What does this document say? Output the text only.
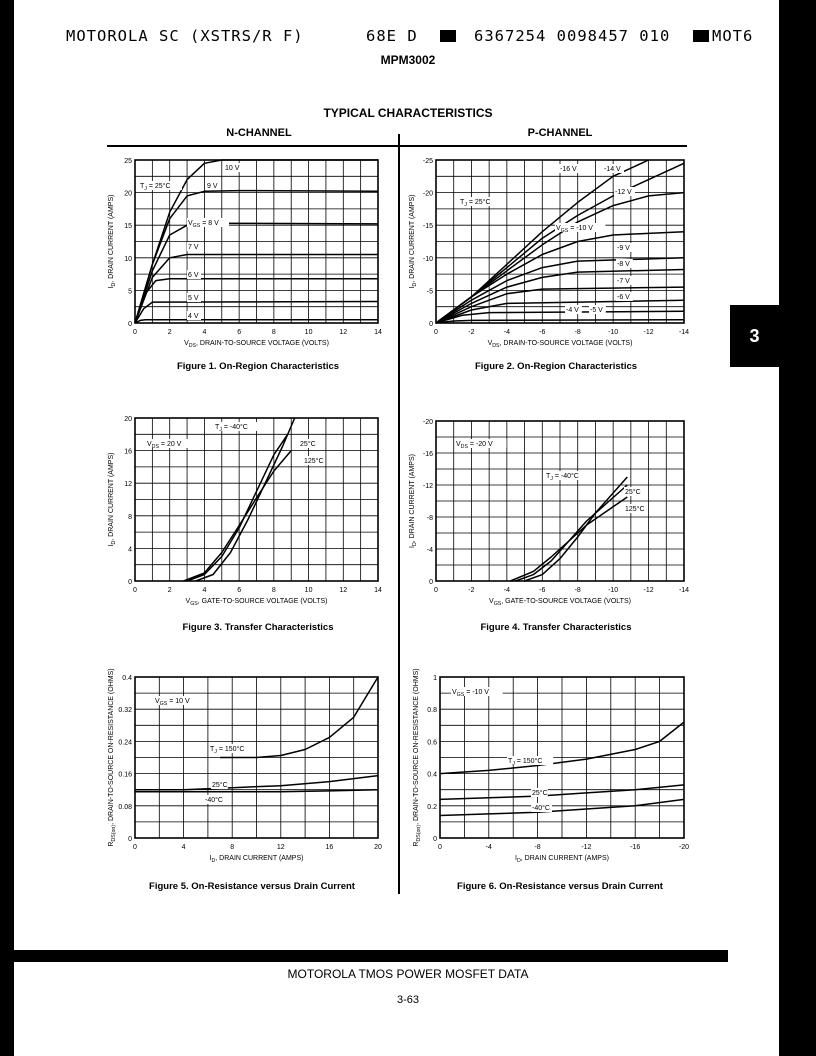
3
MOTOROLA SC (XSTRS/R F)	68E D	6367254 0098457 010	MOT6
MPM3002
TYPICAL CHARACTERISTICS
N-CHANNEL	P-CHANNEL
0	2	4	6	8	10	12	14
0
5
10
15
20
25
$V_{DS}$, DRAIN-TO-SOURCE VOLTAGE (VOLTS)
$I_D$, DRAIN CURRENT (AMPS)
10 V
9 V
$V_{GS} = 8$ V
7 V
6 V
5 V
4 V
$T_J = 25^\circ C$
0	-2	-4	-6	-8	-10	-12	-14
0
-5
-10
-15
-20
-25
$V_{DS}$, DRAIN-TO-SOURCE VOLTAGE (VOLTS)
$I_D$, DRAIN CURRENT (AMPS)
-16 V	-14 V
-12 V
$V_{GS} = -10$ V
-9 V
-8 V
-7 V
-6 V
-5 V
-4 V
$T_J = 25^\circ C$
0	2	4	6	8	10	12	14
0
4
8
12
16
20
$V_{GS}$, GATE-TO-SOURCE VOLTAGE (VOLTS)
$I_D$, DRAIN CURRENT (AMPS)
$T_J = -40^\circ C$
25°C
125°C
$V_{DS} = 20$ V
0	-2	-4	-6	-8	-10	-12	-14
0
-4
-8
-12
-16
-20
$V_{GS}$, GATE-TO-SOURCE VOLTAGE (VOLTS)
$I_D$, DRAIN CURRENT (AMPS)	$T_J = -40^\circ C$
25°C
125°C
$V_{DS} = -20$ V
0	4	8	12	16	20
0
0.08
0.16
0.24
0.32
0.4
$I_D$, DRAIN CURRENT (AMPS)
$R_{DS(on)}$, DRAIN-TO-SOURCE ON-RESISTANCE (OHMS)	$T_J = 150^\circ C$
25°C
-40°C
$V_{GS} = 10$ V
0	-4	-8	-12	-16	-20
0
0.2
0.4
0.6
0.8
1
$I_D$, DRAIN CURRENT (AMPS)
$R_{DS(on)}$, DRAIN-TO-SOURCE ON-RESISTANCE (OHMS)	$T_J = 150^\circ C$
25°C
-40°C
$V_{GS} = -10$ V
Figure 1. On-Region Characteristics	Figure 2. On-Region Characteristics
Figure 3. Transfer Characteristics	Figure 4. Transfer Characteristics
Figure 5. On-Resistance versus Drain Current	Figure 6. On-Resistance versus Drain Current
MOTOROLA TMOS POWER MOSFET DATA
3-63
